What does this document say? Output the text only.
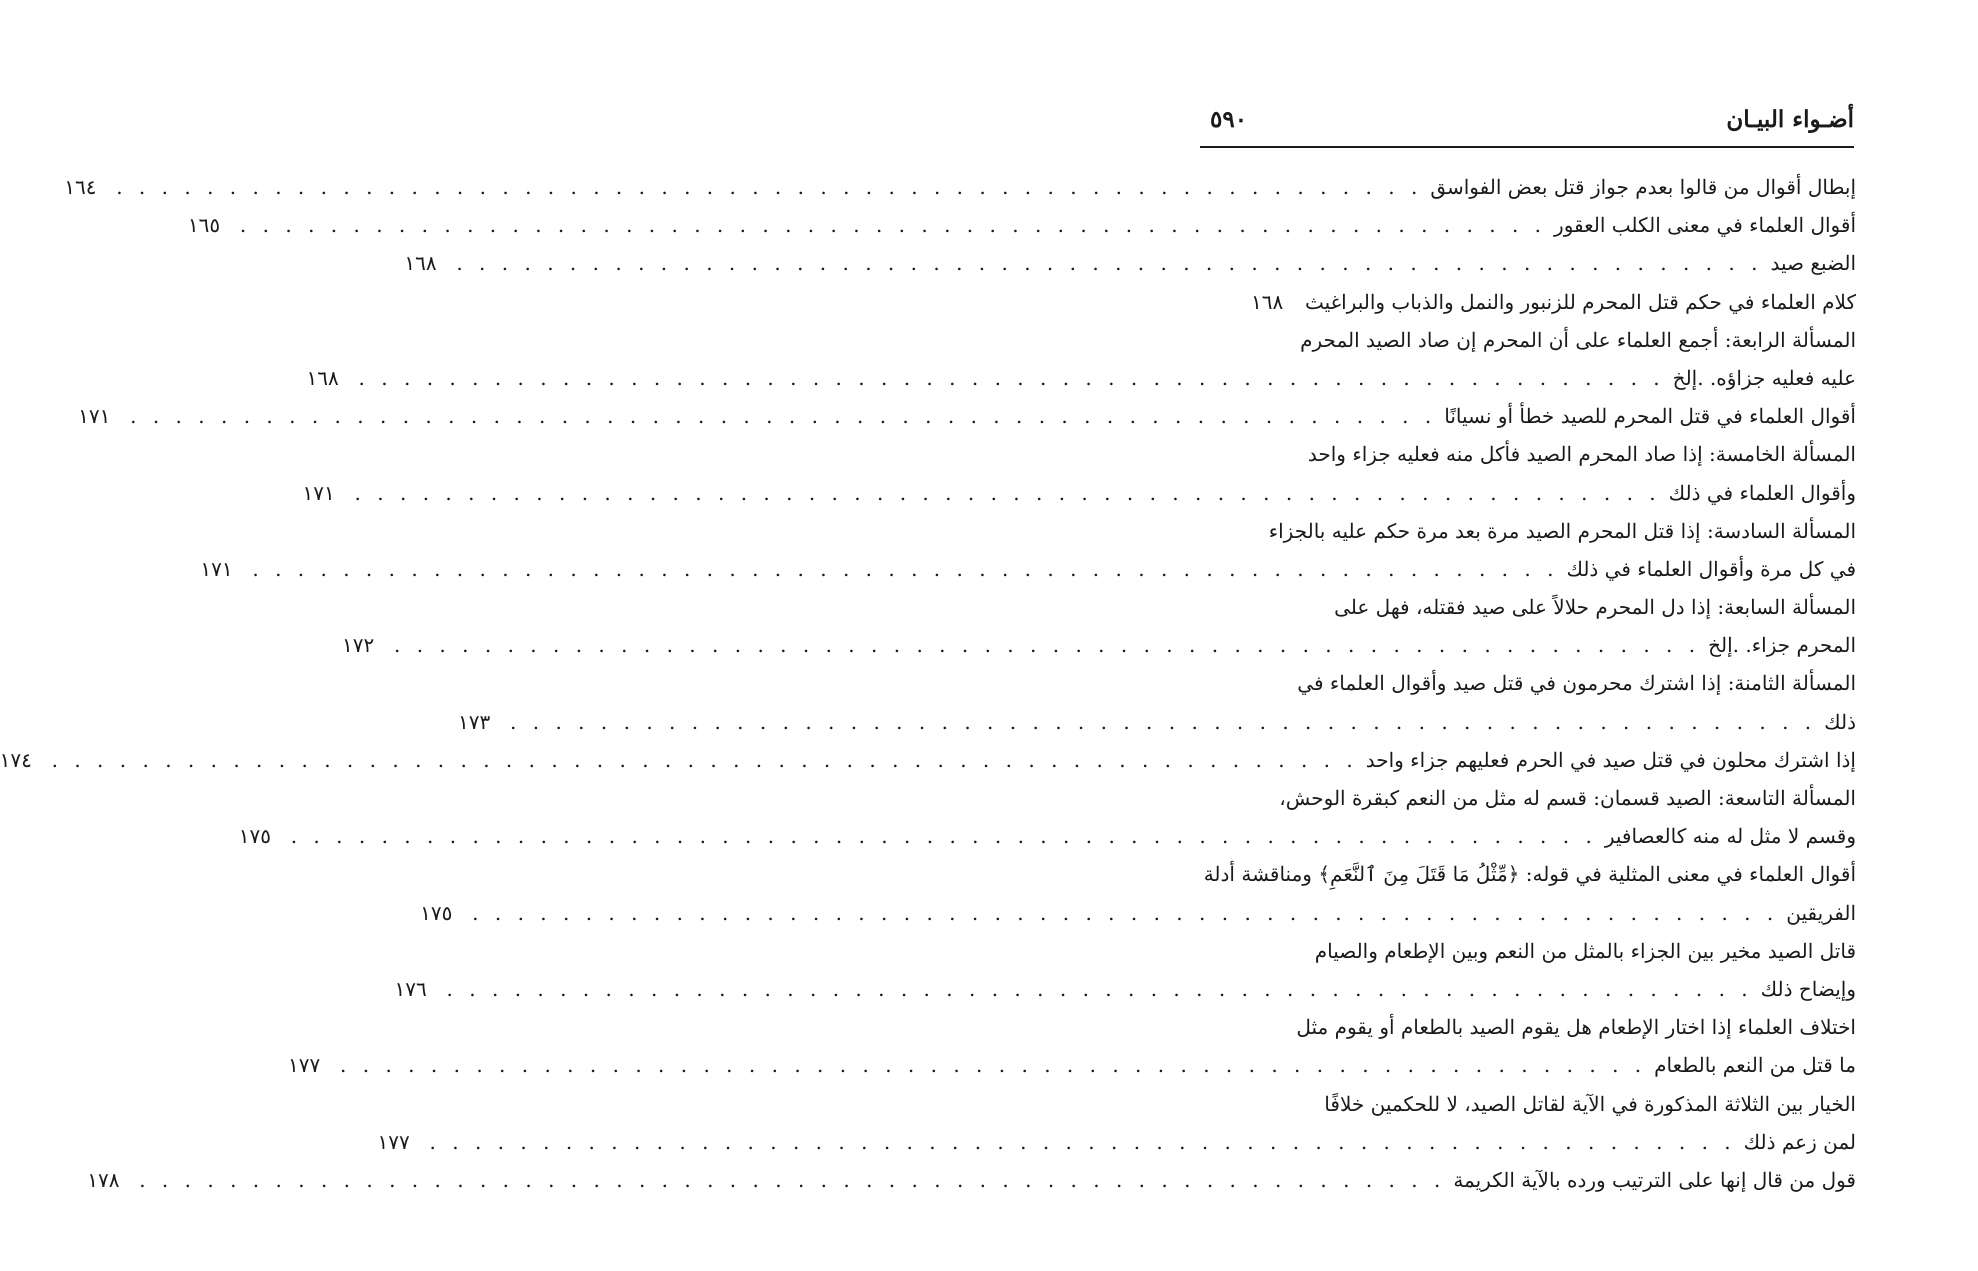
أضـواء البيـان
٥٩٠
إبطال أقوال من قالوا بعدم جواز قتل بعض الفواسق
. . . . . . . . . . . . . . . . . . . . . . . . . . . . . . . . . . . . . . . . . . . . . . . . . . . . . . . . . .
١٦٤
أقوال العلماء في معنى الكلب العقور
. . . . . . . . . . . . . . . . . . . . . . . . . . . . . . . . . . . . . . . . . . . . . . . . . . . . . . . . . .
١٦٥
الضبع صيد
. . . . . . . . . . . . . . . . . . . . . . . . . . . . . . . . . . . . . . . . . . . . . . . . . . . . . . . . . .
١٦٨
كلام العلماء في حكم قتل المحرم للزنبور والنمل والذباب والبراغيث
١٦٨
المسألة الرابعة: أجمع العلماء على أن المحرم إن صاد الصيد المحرم
عليه فعليه جزاؤه. .إلخ
. . . . . . . . . . . . . . . . . . . . . . . . . . . . . . . . . . . . . . . . . . . . . . . . . . . . . . . . . .
١٦٨
أقوال العلماء في قتل المحرم للصيد خطأ أو نسيانًا
. . . . . . . . . . . . . . . . . . . . . . . . . . . . . . . . . . . . . . . . . . . . . . . . . . . . . . . . . .
١٧١
المسألة الخامسة: إذا صاد المحرم الصيد فأكل منه فعليه جزاء واحد
وأقوال العلماء في ذلك
. . . . . . . . . . . . . . . . . . . . . . . . . . . . . . . . . . . . . . . . . . . . . . . . . . . . . . . . . .
١٧١
المسألة السادسة: إذا قتل المحرم الصيد مرة بعد مرة حكم عليه بالجزاء
في كل مرة وأقوال العلماء في ذلك
. . . . . . . . . . . . . . . . . . . . . . . . . . . . . . . . . . . . . . . . . . . . . . . . . . . . . . . . . .
١٧١
المسألة السابعة: إذا دل المحرم حلالاً على صيد فقتله، فهل على
المحرم جزاء. .إلخ
. . . . . . . . . . . . . . . . . . . . . . . . . . . . . . . . . . . . . . . . . . . . . . . . . . . . . . . . . .
١٧٢
المسألة الثامنة: إذا اشترك محرمون في قتل صيد وأقوال العلماء في
ذلك
. . . . . . . . . . . . . . . . . . . . . . . . . . . . . . . . . . . . . . . . . . . . . . . . . . . . . . . . . .
١٧٣
إذا اشترك محلون في قتل صيد في الحرم فعليهم جزاء واحد
. . . . . . . . . . . . . . . . . . . . . . . . . . . . . . . . . . . . . . . . . . . . . . . . . . . . . . . . . .
١٧٤
المسألة التاسعة: الصيد قسمان: قسم له مثل من النعم كبقرة الوحش،
وقسم لا مثل له منه كالعصافير
. . . . . . . . . . . . . . . . . . . . . . . . . . . . . . . . . . . . . . . . . . . . . . . . . . . . . . . . . .
١٧٥
أقوال العلماء في معنى المثلية في قوله: ﴿مِّثْلُ مَا قَتَلَ مِنَ ٱلنَّعَمِ﴾ ومناقشة أدلة
الفريقين
. . . . . . . . . . . . . . . . . . . . . . . . . . . . . . . . . . . . . . . . . . . . . . . . . . . . . . . . . .
١٧٥
قاتل الصيد مخير بين الجزاء بالمثل من النعم وبين الإطعام والصيام
وإيضاح ذلك
. . . . . . . . . . . . . . . . . . . . . . . . . . . . . . . . . . . . . . . . . . . . . . . . . . . . . . . . . .
١٧٦
اختلاف العلماء إذا اختار الإطعام هل يقوم الصيد بالطعام أو يقوم مثل
ما قتل من النعم بالطعام
. . . . . . . . . . . . . . . . . . . . . . . . . . . . . . . . . . . . . . . . . . . . . . . . . . . . . . . . . .
١٧٧
الخيار بين الثلاثة المذكورة في الآية لقاتل الصيد، لا للحكمين خلافًا
لمن زعم ذلك
. . . . . . . . . . . . . . . . . . . . . . . . . . . . . . . . . . . . . . . . . . . . . . . . . . . . . . . . . .
١٧٧
قول من قال إنها على الترتيب ورده بالآية الكريمة
. . . . . . . . . . . . . . . . . . . . . . . . . . . . . . . . . . . . . . . . . . . . . . . . . . . . . . . . . .
١٧٨
